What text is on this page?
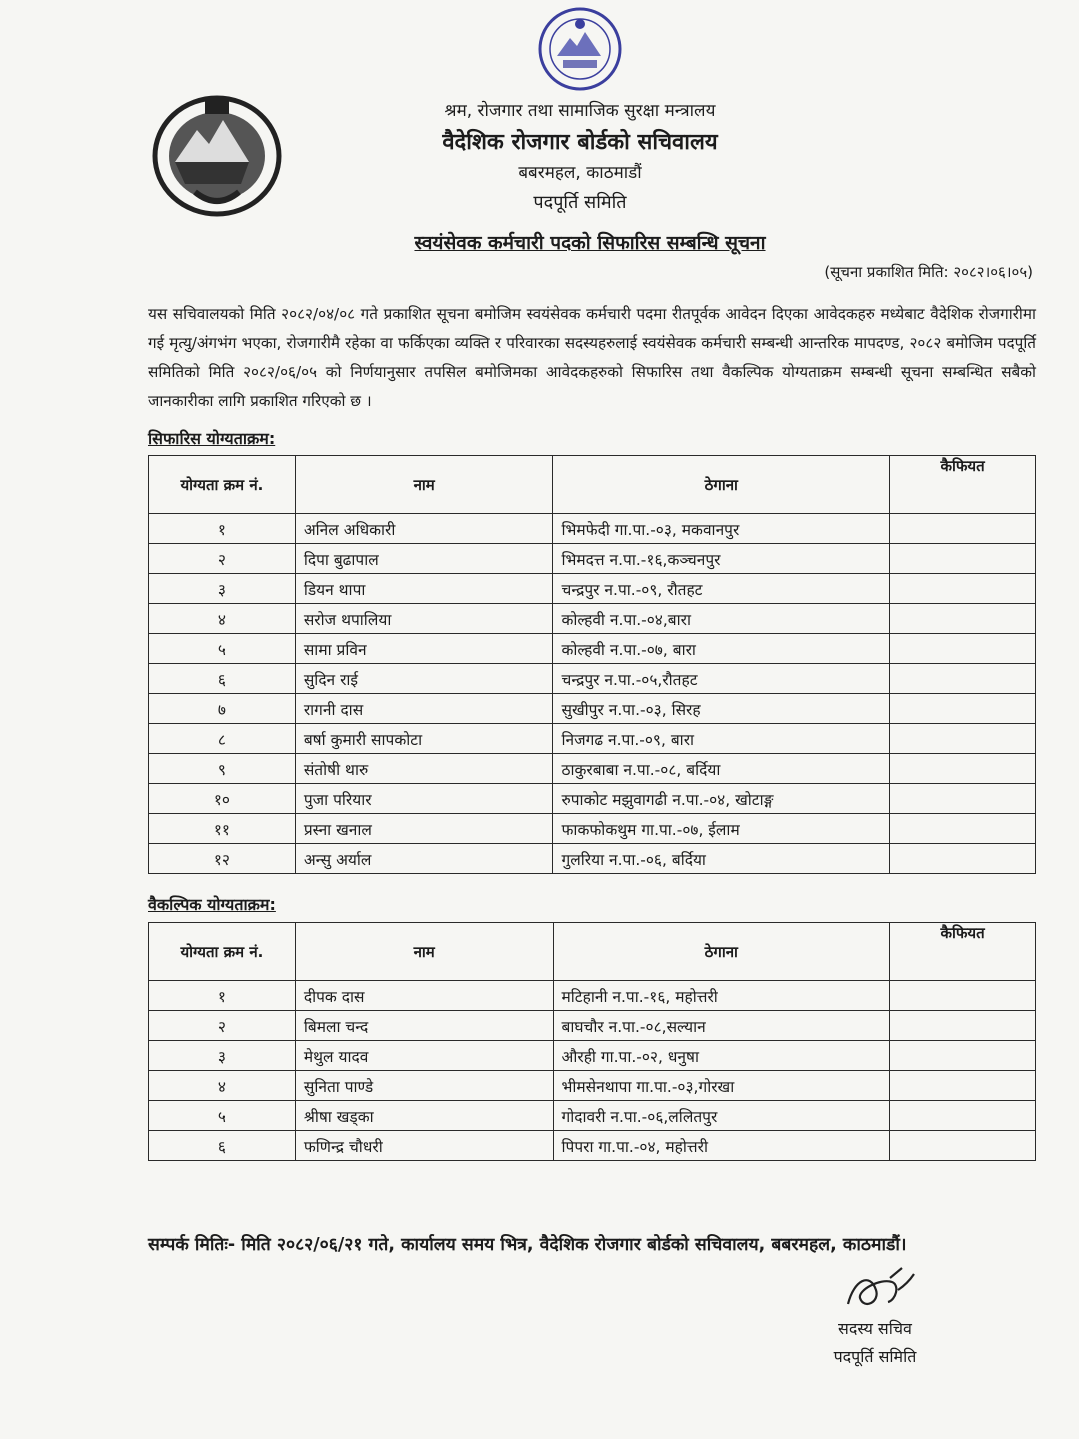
श्रम, रोजगार तथा सामाजिक सुरक्षा मन्त्रालय
वैदेशिक रोजगार बोर्डको सचिवालय
बबरमहल, काठमाडौं
पदपूर्ति समिति
स्वयंसेवक कर्मचारी पदको सिफारिस सम्बन्धि सूचना
(सूचना प्रकाशित मिति: २०८२।०६।०५)
यस सचिवालयको मिति २०८२/०४/०८ गते प्रकाशित सूचना बमोजिम स्वयंसेवक कर्मचारी पदमा रीतपूर्वक आवेदन दिएका आवेदकहरु मध्येबाट वैदेशिक रोजगारीमा गई मृत्यु/अंगभंग भएका, रोजगारीमै रहेका वा फर्किएका व्यक्ति र परिवारका सदस्यहरुलाई स्वयंसेवक कर्मचारी सम्बन्धी आन्तरिक मापदण्ड, २०८२ बमोजिम पदपूर्ति समितिको मिति २०८२/०६/०५ को निर्णयानुसार तपसिल बमोजिमका आवेदकहरुको सिफारिस तथा वैकल्पिक योग्यताक्रम सम्बन्धी सूचना सम्बन्धित सबैको जानकारीका लागि प्रकाशित गरिएको छ ।
सिफारिस योग्यताक्रम:
योग्यता क्रम नं.	नाम	ठेगाना	कैफियत
१	अनिल अधिकारी	भिमफेदी गा.पा.-०३, मकवानपुर	
२	दिपा बुढापाल	भिमदत्त न.पा.-१६,कञ्चनपुर	
३	डियन थापा	चन्द्रपुर न.पा.-०९, रौतहट	
४	सरोज थपालिया	कोल्हवी न.पा.-०४,बारा	
५	सामा प्रविन	कोल्हवी न.पा.-०७, बारा	
६	सुदिन राई	चन्द्रपुर न.पा.-०५,रौतहट	
७	रागनी दास	सुखीपुर न.पा.-०३, सिरह	
८	बर्षा कुमारी सापकोटा	निजगढ न.पा.-०९, बारा	
९	संतोषी थारु	ठाकुरबाबा न.पा.-०८, बर्दिया	
१०	पुजा परियार	रुपाकोट मझुवागढी न.पा.-०४, खोटाङ्ग	
११	प्रस्ना खनाल	फाकफोकथुम गा.पा.-०७, ईलाम	
१२	अन्सु अर्याल	गुलरिया न.पा.-०६, बर्दिया	
वैकल्पिक योग्यताक्रम:
योग्यता क्रम नं.	नाम	ठेगाना	कैफियत
१	दीपक दास	मटिहानी न.पा.-१६, महोत्तरी	
२	बिमला चन्द	बाघचौर न.पा.-०८,सल्यान	
३	मेथुल यादव	औरही गा.पा.-०२, धनुषा	
४	सुनिता पाण्डे	भीमसेनथापा गा.पा.-०३,गोरखा	
५	श्रीषा खड्का	गोदावरी न.पा.-०६,ललितपुर	
६	फणिन्द्र चौधरी	पिपरा गा.पा.-०४, महोत्तरी	
सम्पर्क मितिः- मिति २०८२/०६/२१ गते, कार्यालय समय भित्र, वैदेशिक रोजगार बोर्डको सचिवालय, बबरमहल, काठमाडौं।
सदस्य सचिव
पदपूर्ति समिति
